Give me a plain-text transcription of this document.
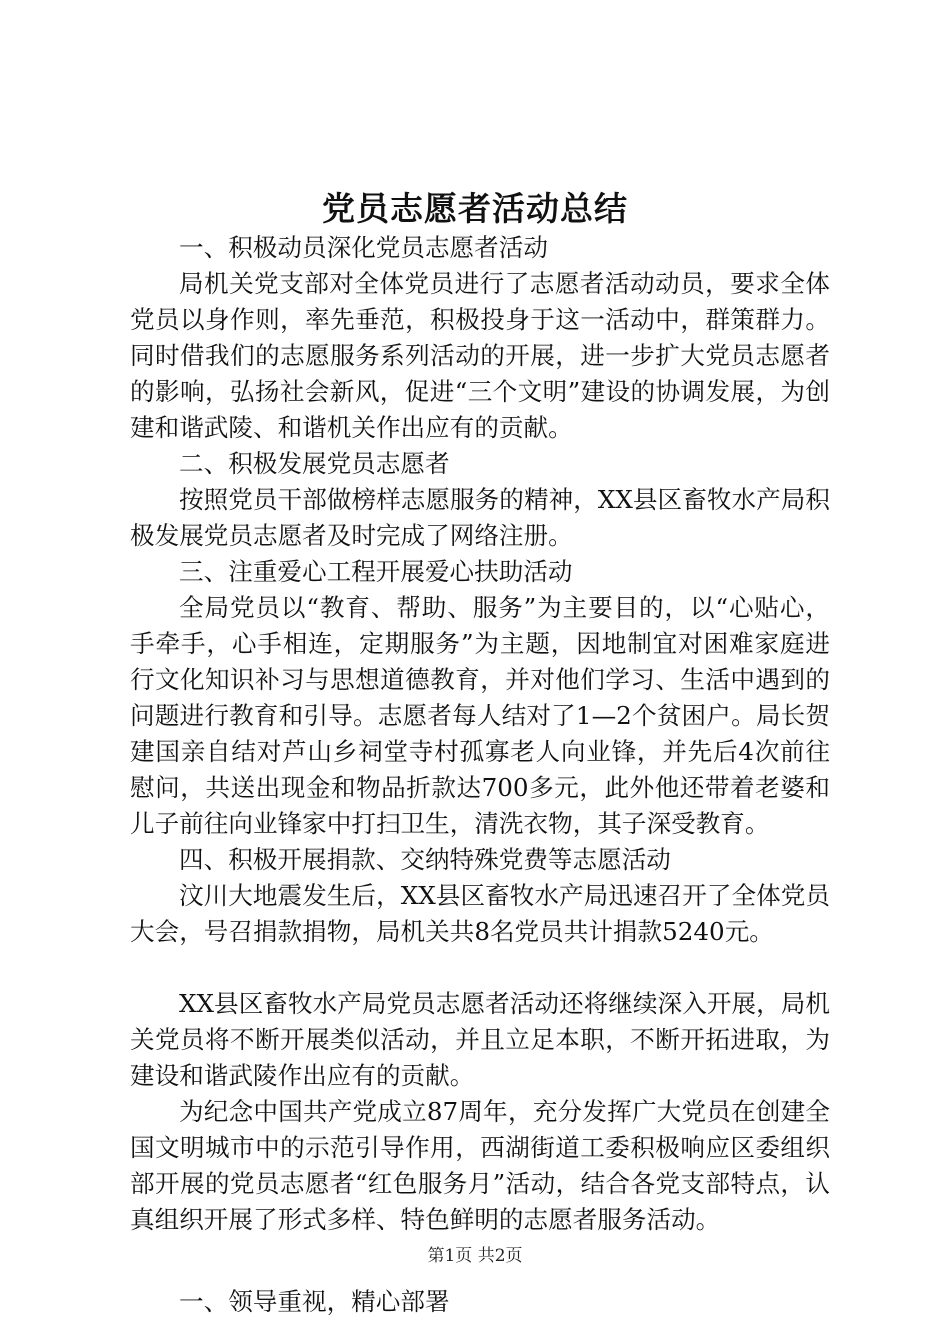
党员志愿者活动总结

一、积极动员深化党员志愿者活动

局机关党支部对全体党员进行了志愿者活动动员，要求全体党员以身作则，率先垂范，积极投身于这一活动中，群策群力。同时借我们的志愿服务系列活动的开展，进一步扩大党员志愿者的影响，弘扬社会新风，促进“三个文明”建设的协调发展，为创建和谐武陵、和谐机关作出应有的贡献。

二、积极发展党员志愿者

按照党员干部做榜样志愿服务的精神，XX县区畜牧水产局积极发展党员志愿者及时完成了网络注册。

三、注重爱心工程开展爱心扶助活动

全局党员以“教育、帮助、服务”为主要目的，以“心贴心，手牵手，心手相连，定期服务”为主题，因地制宜对困难家庭进行文化知识补习与思想道德教育，并对他们学习、生活中遇到的问题进行教育和引导。志愿者每人结对了1—2个贫困户。局长贺建国亲自结对芦山乡祠堂寺村孤寡老人向业锋，并先后4次前往慰问，共送出现金和物品折款达700多元，此外他还带着老婆和儿子前往向业锋家中打扫卫生，清洗衣物，其子深受教育。

四、积极开展捐款、交纳特殊党费等志愿活动

汶川大地震发生后，XX县区畜牧水产局迅速召开了全体党员大会，号召捐款捐物，局机关共8名党员共计捐款5240元。

XX县区畜牧水产局党员志愿者活动还将继续深入开展，局机关党员将不断开展类似活动，并且立足本职，不断开拓进取，为建设和谐武陵作出应有的贡献。

为纪念中国共产党成立87周年，充分发挥广大党员在创建全国文明城市中的示范引导作用，西湖街道工委积极响应区委组织部开展的党员志愿者“红色服务月”活动，结合各党支部特点，认真组织开展了形式多样、特色鲜明的志愿者服务活动。

一、领导重视，精心部署

第1页 共2页
